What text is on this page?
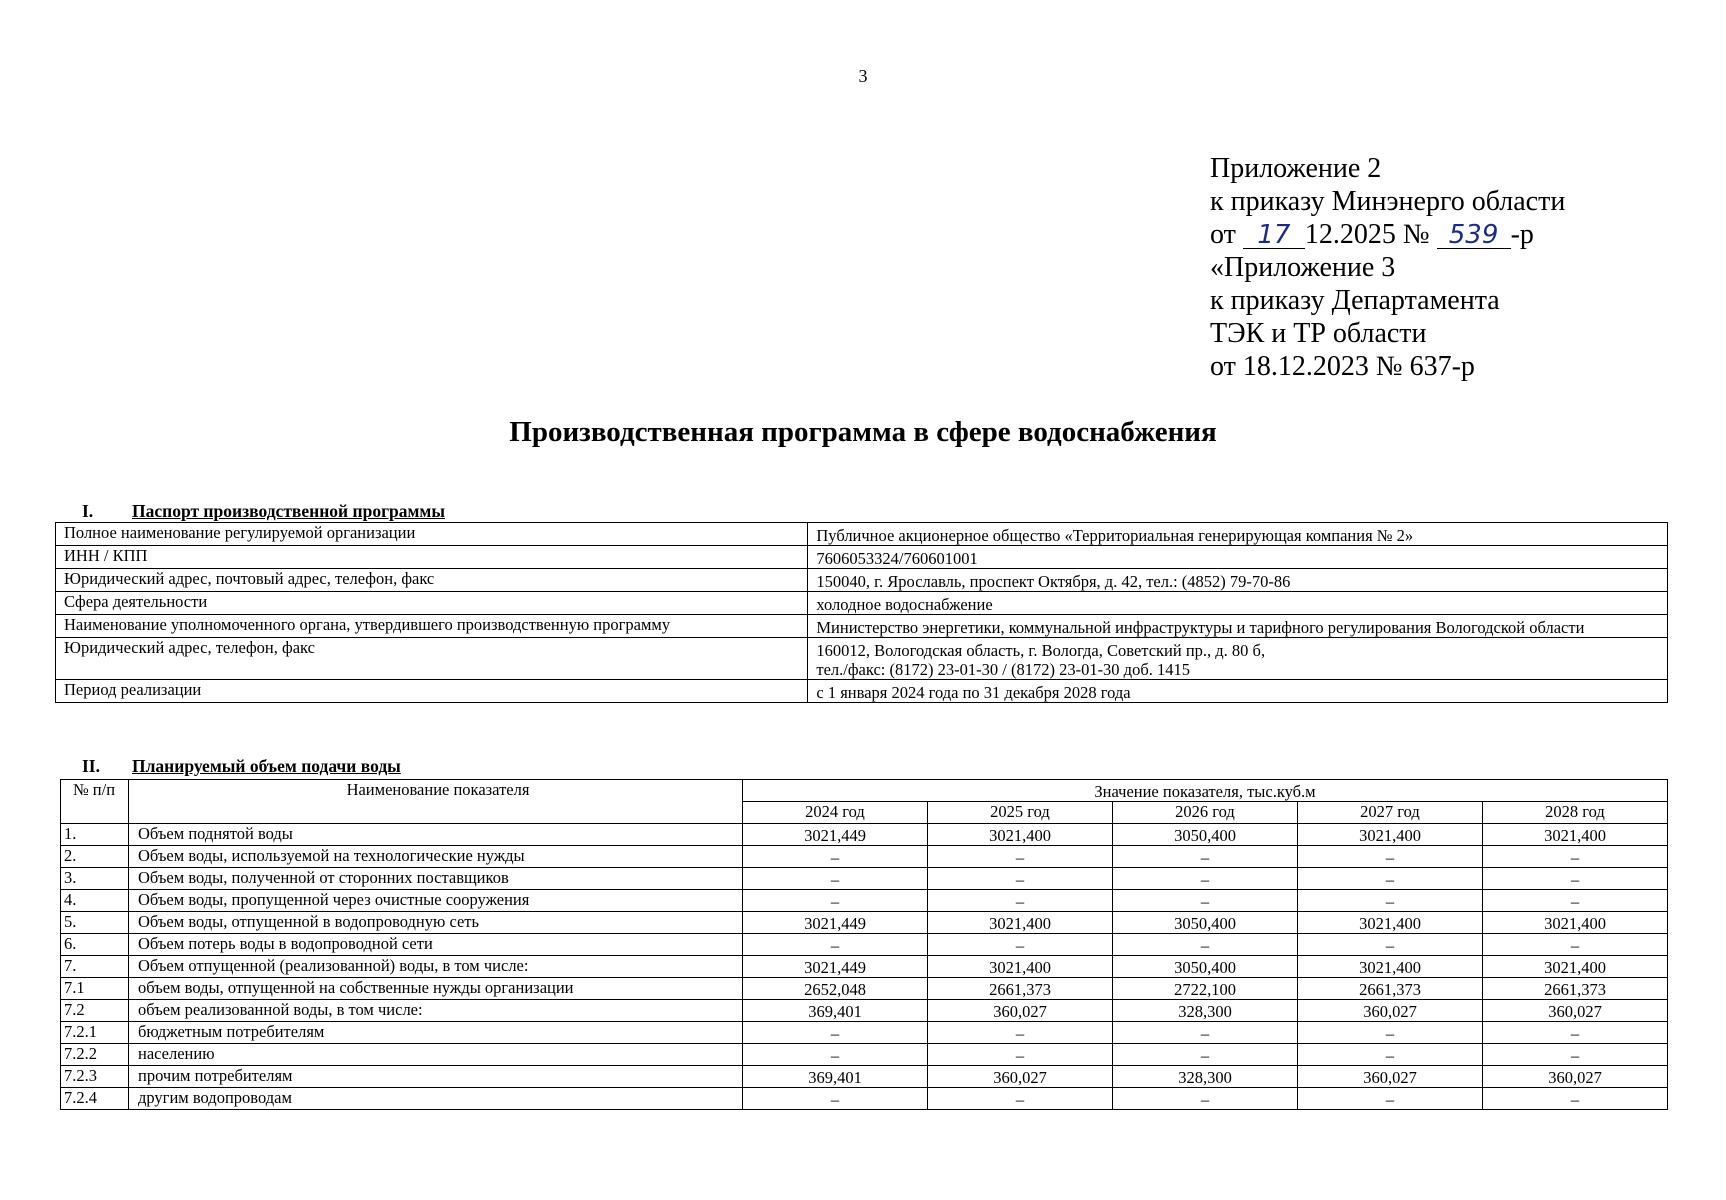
3
Приложение 2
к приказу Минэнерго области
от 17 12.2025 № 539 -р
«Приложение 3
к приказу Департамента
ТЭК и ТР области
от 18.12.2023 № 637-р
Производственная программа в сфере водоснабжения
I. Паспорт производственной программы
Полное наименование регулируемой организации	Публичное акционерное общество «Территориальная генерирующая компания № 2»

ИНН / КПП	7606053324/760601001

Юридический адрес, почтовый адрес, телефон, факс	150040, г. Ярославль, проспект Октября, д. 42, тел.: (4852) 79-70-86

Сфера деятельности	холодное водоснабжение

Наименование уполномоченного органа, утвердившего производственную программу	Министерство энергетики, коммунальной инфраструктуры и тарифного регулирования Вологодской области

Юридический адрес, телефон, факс	160012, Вологодская область, г. Вологда, Советский пр., д. 80 б,
тел./факс: (8172) 23-01-30 / (8172) 23-01-30 доб. 1415

Период реализации	с 1 января 2024 года по 31 декабря 2028 года
II. Планируемый объем подачи воды
№ п/п	Наименование показателя	Значение показателя, тыс.куб.м				
		2024 год	2025 год	2026 год	2027 год	2028 год
1.	Объем поднятой воды	3021,449	3021,400	3050,400	3021,400	3021,400
2.	Объем воды, используемой на технологические нужды	–	–	–	–	–
3.	Объем воды, полученной от сторонних поставщиков	–	–	–	–	–
4.	Объем воды, пропущенной через очистные сооружения	–	–	–	–	–
5.	Объем воды, отпущенной в водопроводную сеть	3021,449	3021,400	3050,400	3021,400	3021,400
6.	Объем потерь воды в водопроводной сети	–	–	–	–	–
7.	Объем отпущенной (реализованной) воды, в том числе:	3021,449	3021,400	3050,400	3021,400	3021,400
7.1	объем воды, отпущенной на собственные нужды организации	2652,048	2661,373	2722,100	2661,373	2661,373
7.2	объем реализованной воды, в том числе:	369,401	360,027	328,300	360,027	360,027
7.2.1	бюджетным потребителям	–	–	–	–	–
7.2.2	населению	–	–	–	–	–
7.2.3	прочим потребителям	369,401	360,027	328,300	360,027	360,027
7.2.4	другим водопроводам	–	–	–	–	–
